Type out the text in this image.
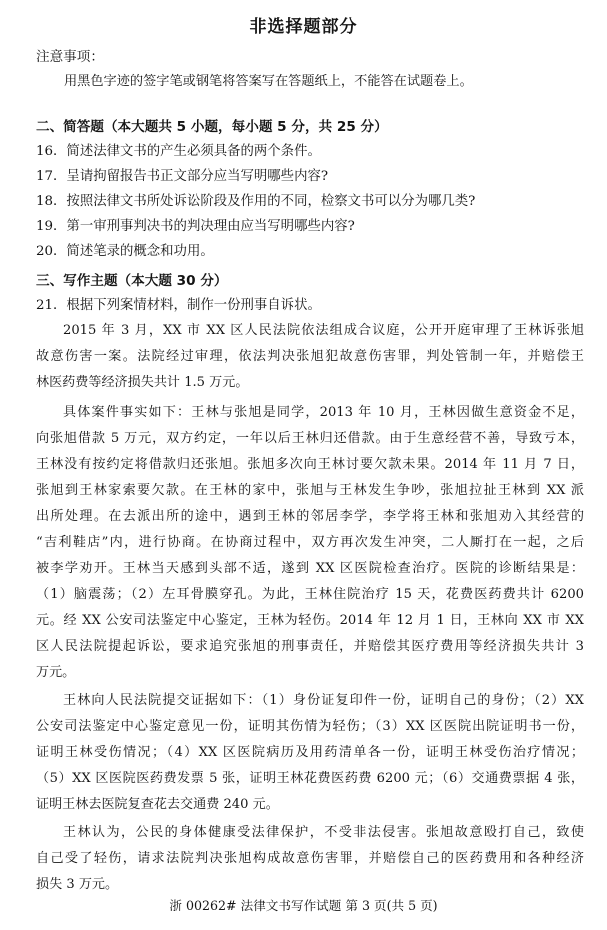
非选择题部分
注意事项：
用黑色字迹的签字笔或钢笔将答案写在答题纸上，不能答在试题卷上。
二、简答题（本大题共 5 小题，每小题 5 分，共 25 分）
16．简述法律文书的产生必须具备的两个条件。
17．呈请拘留报告书正文部分应当写明哪些内容?
18．按照法律文书所处诉讼阶段及作用的不同，检察文书可以分为哪几类?
19．第一审刑事判决书的判决理由应当写明哪些内容?
20．简述笔录的概念和功用。
三、写作主题（本大题 30 分）
21．根据下列案情材料，制作一份刑事自诉状。
2015 年 3 月，XX 市 XX 区人民法院依法组成合议庭，公开开庭审理了王林诉张旭
故意伤害一案。法院经过审理，依法判决张旭犯故意伤害罪，判处管制一年，并赔偿王
林医药费等经济损失共计 1.5 万元。
具体案件事实如下：王林与张旭是同学，2013 年 10 月，王林因做生意资金不足，
向张旭借款 5 万元，双方约定，一年以后王林归还借款。由于生意经营不善，导致亏本，
王林没有按约定将借款归还张旭。张旭多次向王林讨要欠款未果。2014 年 11 月 7 日，
张旭到王林家索要欠款。在王林的家中，张旭与王林发生争吵，张旭拉扯王林到 XX 派
出所处理。在去派出所的途中，遇到王林的邻居李学，李学将王林和张旭劝入其经营的
“吉利鞋店”内，进行协商。在协商过程中，双方再次发生冲突，二人厮打在一起，之后
被李学劝开。王林当天感到头部不适，遂到 XX 区医院检查治疗。医院的诊断结果是：
（1）脑震荡；（2）左耳骨膜穿孔。为此，王林住院治疗 15 天，花费医药费共计 6200
元。经 XX 公安司法鉴定中心鉴定，王林为轻伤。2014 年 12 月 1 日，王林向 XX 市 XX
区人民法院提起诉讼，要求追究张旭的刑事责任，并赔偿其医疗费用等经济损失共计 3
万元。
王林向人民法院提交证据如下：（1）身份证复印件一份，证明自己的身份；（2）XX
公安司法鉴定中心鉴定意见一份，证明其伤情为轻伤；（3）XX 区医院出院证明书一份，
证明王林受伤情况；（4）XX 区医院病历及用药清单各一份，证明王林受伤治疗情况；
（5）XX 区医院医药费发票 5 张，证明王林花费医药费 6200 元；（6）交通费票据 4 张，
证明王林去医院复查花去交通费 240 元。
王林认为，公民的身体健康受法律保护，不受非法侵害。张旭故意殴打自己，致使
自己受了轻伤，请求法院判决张旭构成故意伤害罪，并赔偿自己的医药费用和各种经济
损失 3 万元。
浙 00262# 法律文书写作试题 第 3 页(共 5 页)
